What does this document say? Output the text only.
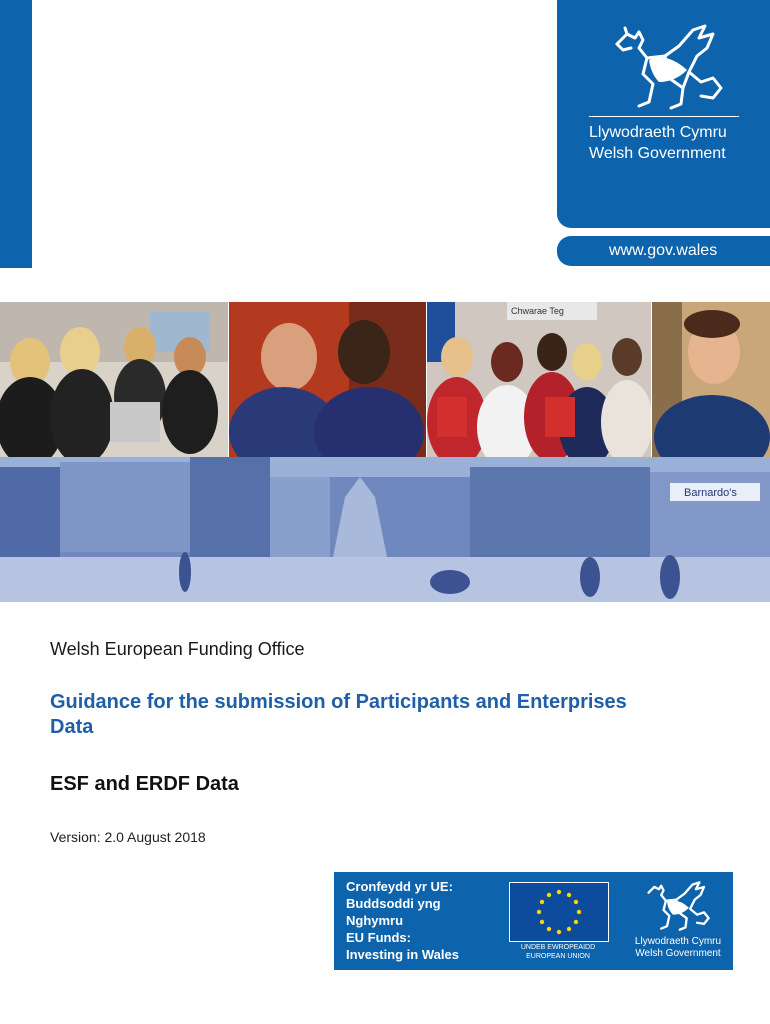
Llywodraeth Cymru
Welsh Government
www.gov.wales
Chwarae Teg
Barnardo's
Welsh European Funding Office
Guidance for the submission of Participants and Enterprises Data
ESF and ERDF Data
Version: 2.0 August 2018
Cronfeydd yr UE:
Buddsoddi yng
Nghymru
EU Funds:
Investing in Wales	UNDEB EWROPEAIDD
EUROPEAN UNION
Llywodraeth Cymru
Welsh Government
